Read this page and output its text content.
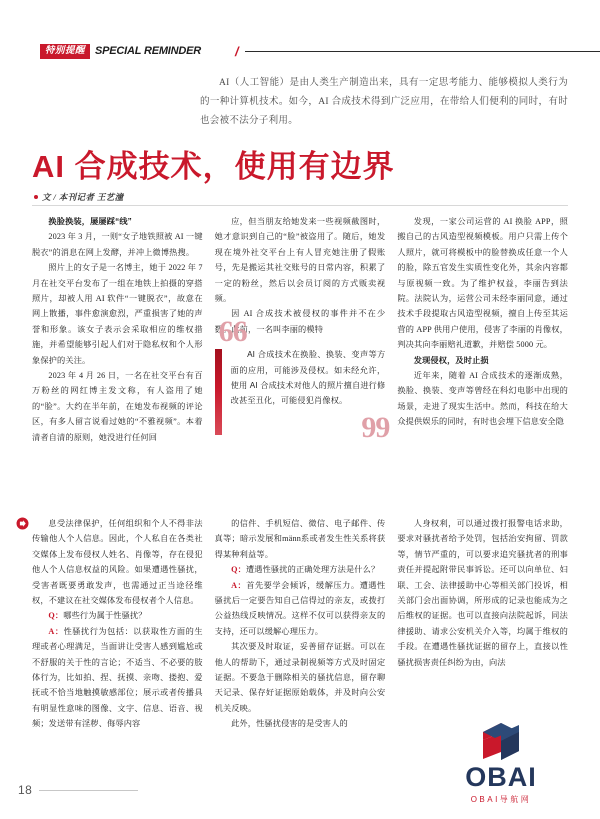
特别提醒 SPECIAL REMINDER	/

AI（人工智能）是由人类生产制造出来，具有一定思考能力、能够模拟人类行为的一种计算机技术。如今，AI 合成技术得到广泛应用，在带给人们便利的同时，有时也会被不法分子利用。

AI 合成技术，使用有边界
文 / 本刊记者 王艺潼

换脸换装，屡屡踩“线”

2023 年 3 月，一则“女子地铁照被 AI 一键脱衣”的消息在网上发酵，并冲上微博热搜。

照片上的女子是一名博主，她于 2022 年 7 月在社交平台发布了一组在地铁上拍摄的穿搭照片，却被人用 AI 软件“一键脱衣”，故意在网上散播，事件愈演愈烈，严重损害了她的声誉和形象。该女子表示会采取相应的维权措施，并希望能够引起人们对于隐私权和个人形象保护的关注。

2023 年 4 月 26 日，一名在社交平台有百万粉丝的网红博主发文称，有人盗用了她的“脸”。大约在半年前，在她发布视频的评论区，有多人留言说看过她的“不雅视频”。本着清者自清的原则，她没进行任何回

应，但当朋友给她发来一些视频截图时，她才意识到自己的“脸”被盗用了。随后，她发现在境外社交平台上有人冒充她注册了假账号，先是搬运其社交账号的日常内容，积累了一定的粉丝，然后以会员订阅的方式贩卖视频。

因 AI 合成技术被侵权的事件并不在少数。此前，一名叫李丽的模特

66

AI 合成技术在换脸、换装、变声等方面的应用，可能涉及侵权。如未经允许，使用 AI 合成技术对他人的照片擅自进行修改甚至丑化，可能侵犯肖像权。

99

发现，一家公司运营的 AI 换脸 APP，照搬自己的古风造型视频模板。用户只需上传个人照片，就可将模板中的脸替换成任意一个人的脸，除五官发生实质性变化外，其余内容都与原视频一致。为了维护权益，李丽告到法院。法院认为，运营公司未经李丽同意，通过技术手段提取古风造型视频，擅自上传至其运营的 APP 供用户使用，侵害了李丽的肖像权，判决其向李丽赔礼道歉，并赔偿 5000 元。

发现侵权，及时止损

近年来，随着 AI 合成技术的逐渐成熟，换脸、换装、变声等曾经在科幻电影中出现的场景，走进了现实生活中。然而，科技在给大众提供娱乐的同时，有时也会埋下信息安全隐

息受法律保护，任何组织和个人不得非法传输他人个人信息。因此，个人私自在各类社交媒体上发布侵权人姓名、肖像等，存在侵犯他人个人信息权益的风险。如果遭遇性骚扰，受害者既要勇敢发声，也需通过正当途径维权，不建议在社交媒体发布侵权者个人信息。

Q：哪些行为属于性骚扰？

A：性骚扰行为包括：以获取性方面的生理或者心理满足，当面讲让受害人感到尴尬或不舒服的关于性的言论；不适当、不必要的肢体行为，比如拍、捏、抚摸、亲吻、搂抱、爱抚或不恰当地触摸敏感部位；展示或者传播具有明显性意味的图像、文字、信息、语音、视频；发送带有淫秽、侮辱内容

的信件、手机短信、微信、电子邮件、传真等；暗示发展和männ系或者发生性关系将获得某种利益等。

Q：遭遇性骚扰的正确处理方法是什么？

A：首先要学会倾诉，缓解压力。遭遇性骚扰后一定要告知自己信得过的亲友，或拨打公益热线反映情况。这样不仅可以获得亲友的支持，还可以缓解心理压力。

其次要及时取证，妥善留存证据。可以在他人的帮助下，通过录制视频等方式及时固定证据。不要急于删除相关的骚扰信息，留存聊天记录、保存好证据原始载体，并及时向公安机关反映。

此外，性骚扰侵害的是受害人的

人身权利，可以通过拨打报警电话求助，要求对骚扰者给予处罚，包括治安拘留、罚款等，情节严重的，可以要求追究骚扰者的刑事责任并提起附带民事诉讼。还可以向单位、妇联、工会、法律援助中心等相关部门投诉，相关部门会出面协调，所形成的记录也能成为之后维权的证据。也可以直接向法院起诉，同法律援助、请求公安机关介入等，均属于维权的手段。在遭遇性骚扰证据的留存上，直接以性骚扰损害责任纠纷为由，向法

18	OBAI
OBAI导航网
